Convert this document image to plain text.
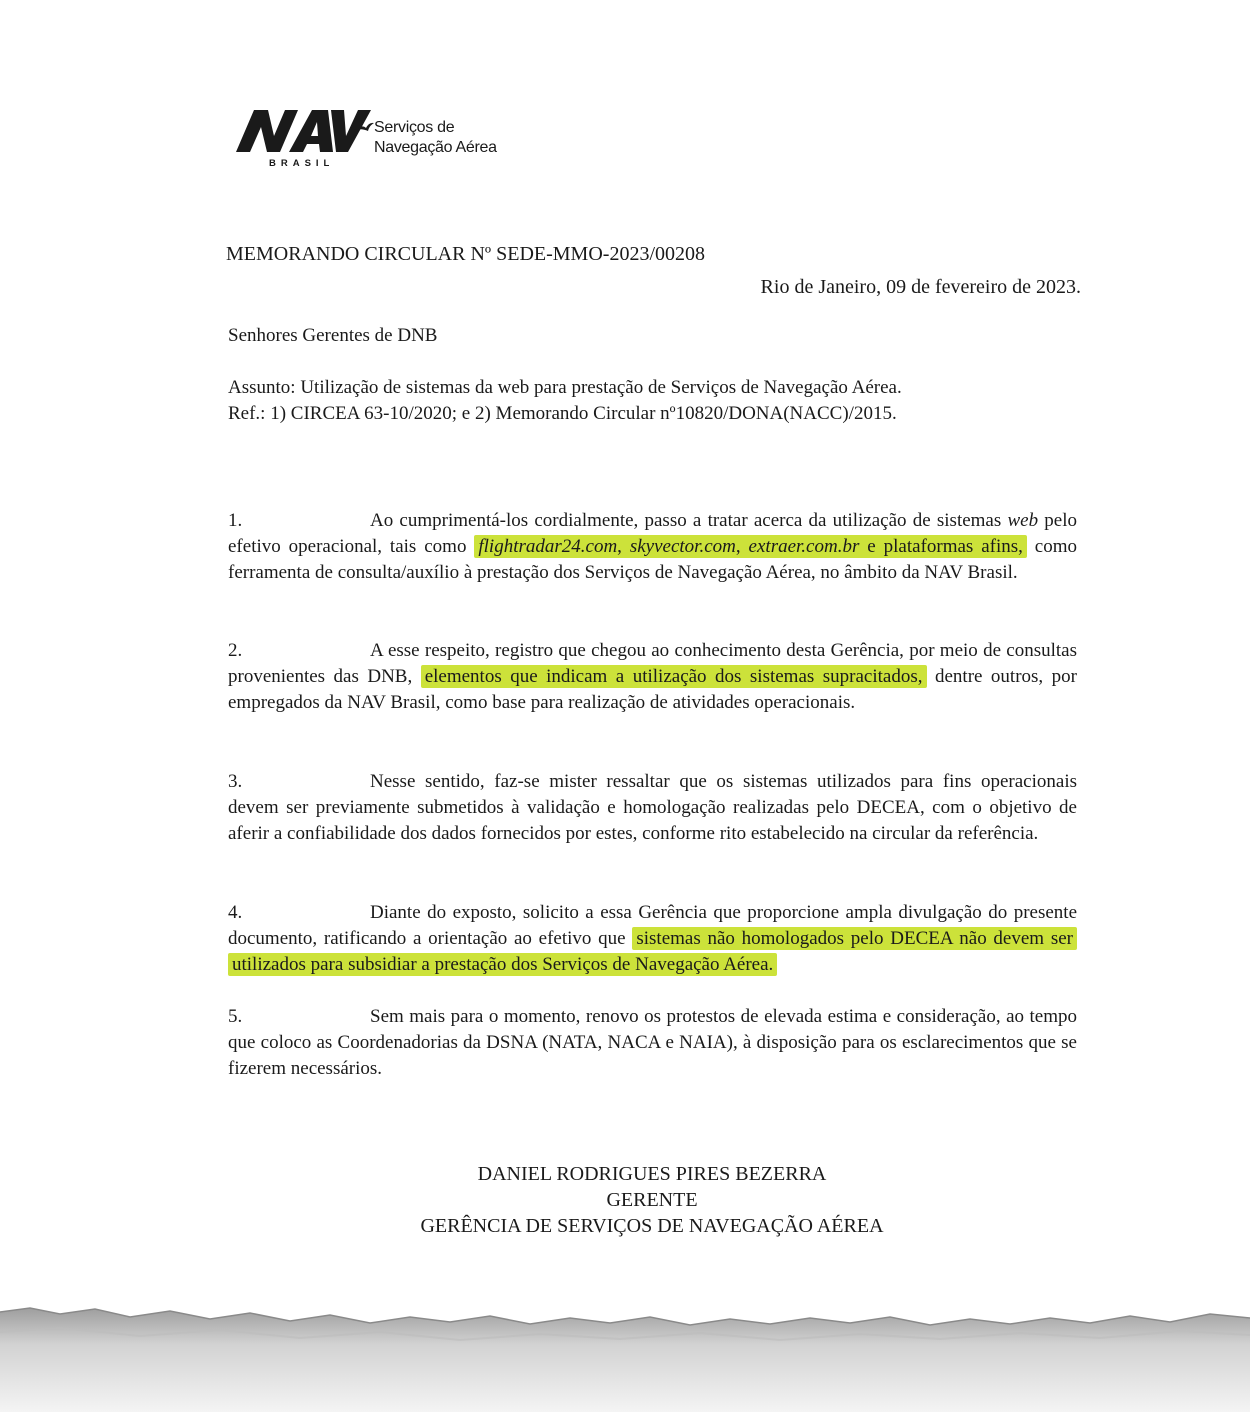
BRASIL
Serviços de
Navegação Aérea
MEMORANDO CIRCULAR Nº SEDE-MMO-2023/00208
Rio de Janeiro, 09 de fevereiro de 2023.
Senhores Gerentes de DNB
Assunto: Utilização de sistemas da web para prestação de Serviços de Navegação Aérea.
Ref.: 1) CIRCEA 63-10/2020; e 2) Memorando Circular nº10820/DONA(NACC)/2015.
1.	Ao cumprimentá-los cordialmente, passo a tratar acerca da utilização de sistemas web pelo efetivo operacional, tais como flightradar24.com, skyvector.com, extraer.com.br e plataformas afins, como ferramenta de consulta/auxílio à prestação dos Serviços de Navegação Aérea, no âmbito da NAV Brasil.
2.	A esse respeito, registro que chegou ao conhecimento desta Gerência, por meio de consultas provenientes das DNB, elementos que indicam a utilização dos sistemas supracitados, dentre outros, por empregados da NAV Brasil, como base para realização de atividades operacionais.
3.	Nesse sentido, faz-se mister ressaltar que os sistemas utilizados para fins operacionais devem ser previamente submetidos à validação e homologação realizadas pelo DECEA, com o objetivo de aferir a confiabilidade dos dados fornecidos por estes, conforme rito estabelecido na circular da referência.
4.	Diante do exposto, solicito a essa Gerência que proporcione ampla divulgação do presente documento, ratificando a orientação ao efetivo que sistemas não homologados pelo DECEA não devem ser utilizados para subsidiar a prestação dos Serviços de Navegação Aérea.
5.	Sem mais para o momento, renovo os protestos de elevada estima e consideração, ao tempo que coloco as Coordenadorias da DSNA (NATA, NACA e NAIA), à disposição para os esclarecimentos que se fizerem necessários.
DANIEL RODRIGUES PIRES BEZERRA
GERENTE
GERÊNCIA DE SERVIÇOS DE NAVEGAÇÃO AÉREA
